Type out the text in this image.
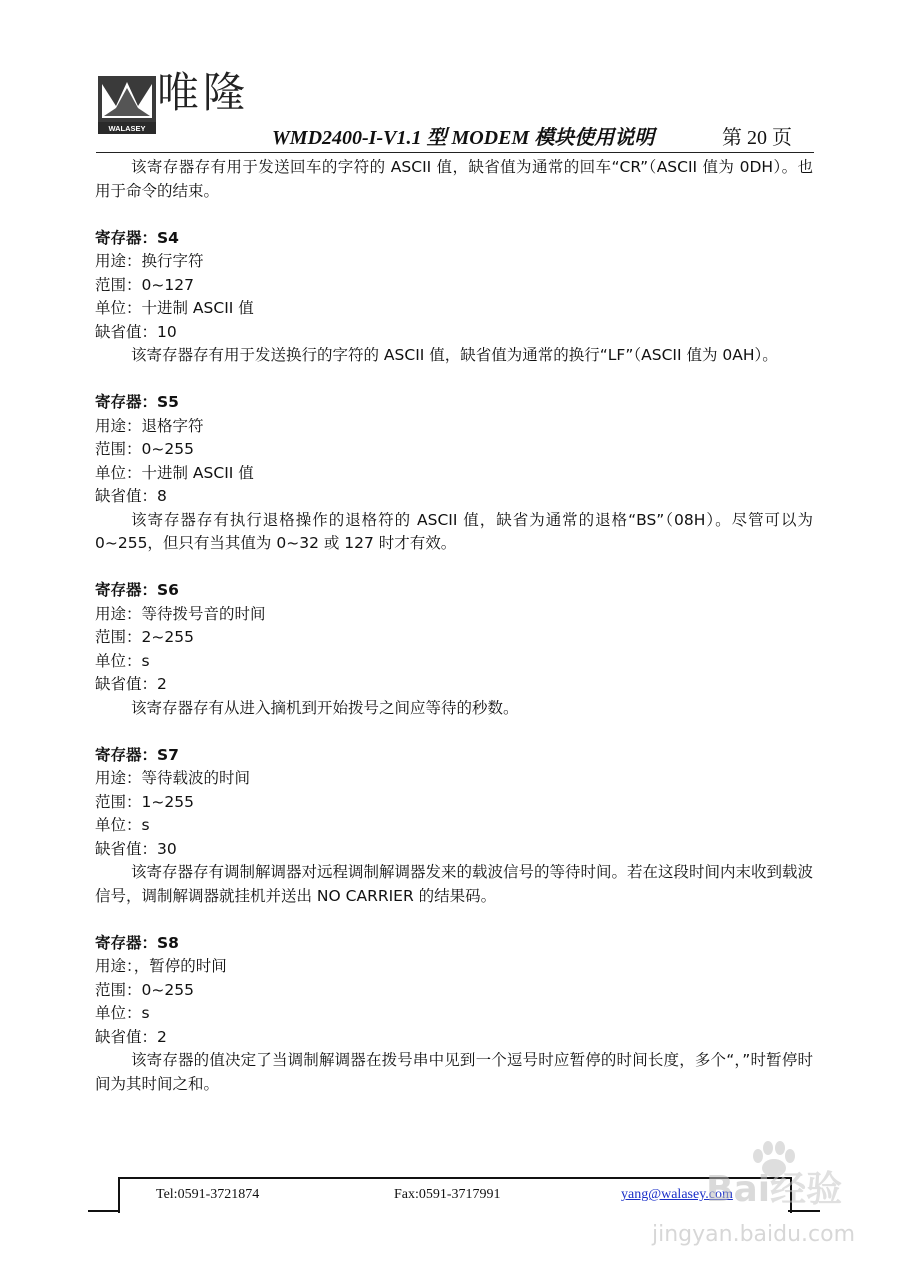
WALASEY
唯隆
WMD2400-I-V1.1 型 MODEM 模块使用说明	第 20 页

该寄存器存有用于发送回车的字符的 ASCII 值，缺省值为通常的回车“CR”（ASCII 值为 0DH）。也用于命令的结束。

寄存器：S4

用途：换行字符

范围：0~127

单位：十进制 ASCII 值

缺省值：10

该寄存器存有用于发送换行的字符的 ASCII 值，缺省值为通常的换行“LF”（ASCII 值为 0AH）。

寄存器：S5

用途：退格字符

范围：0~255

单位：十进制 ASCII 值

缺省值：8

该寄存器存有执行退格操作的退格符的 ASCII 值，缺省为通常的退格“BS”（08H）。尽管可以为 0~255，但只有当其值为 0~32 或 127 时才有效。

寄存器：S6

用途：等待拨号音的时间

范围：2~255

单位：s

缺省值：2

该寄存器存有从进入摘机到开始拨号之间应等待的秒数。

寄存器：S7

用途：等待载波的时间

范围：1~255

单位：s

缺省值：30

该寄存器存有调制解调器对远程调制解调器发来的载波信号的等待时间。若在这段时间内末收到载波信号，调制解调器就挂机并送出 NO CARRIER 的结果码。

寄存器：S8

用途：，暂停的时间

范围：0~255

单位：s

缺省值：2

该寄存器的值决定了当调制解调器在拨号串中见到一个逗号时应暂停的时间长度，多个“，”时暂停时间为其时间之和。

Tel:0591-3721874	Fax:0591-3717991	yang@walasey.com
Bai经验
jingyan.baidu.com
